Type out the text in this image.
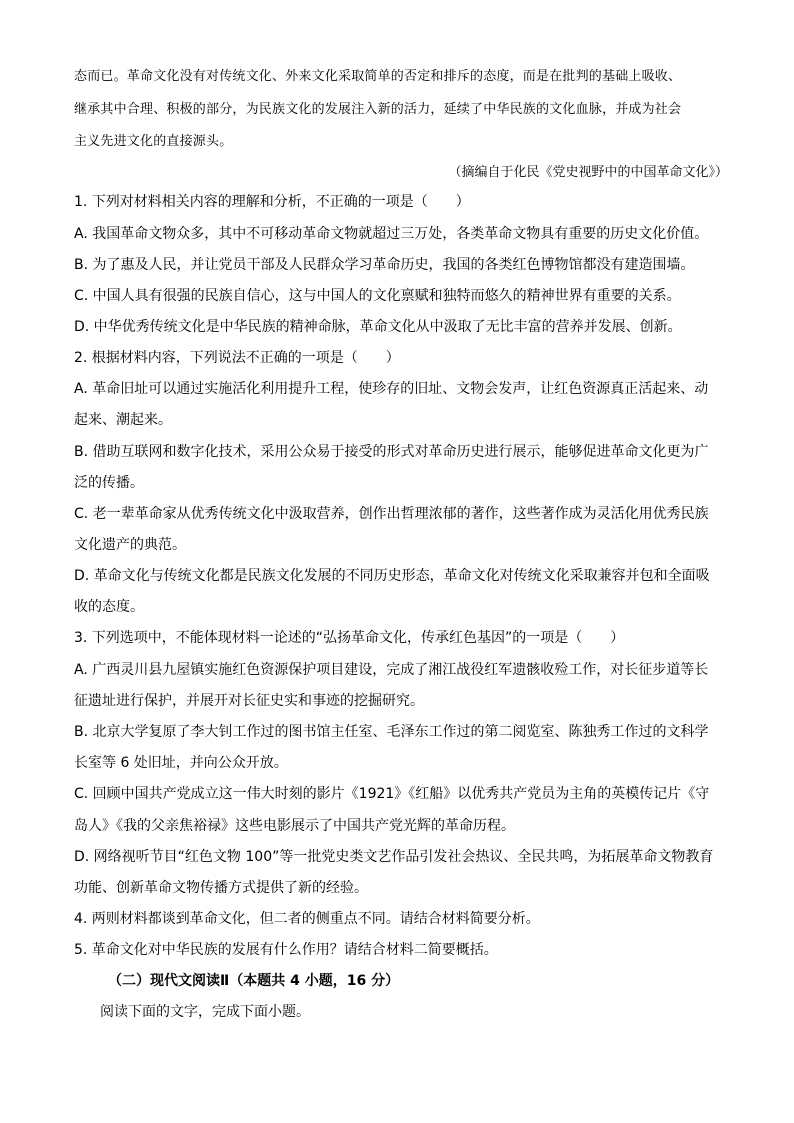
态而已。革命文化没有对传统文化、外来文化采取简单的否定和排斥的态度，而是在批判的基础上吸收、
继承其中合理、积极的部分，为民族文化的发展注入新的活力，延续了中华民族的文化血脉，并成为社会
主义先进文化的直接源头。
（摘编自于化民《党史视野中的中国革命文化》）
1. 下列对材料相关内容的理解和分析，不正确的一项是（　　）
A. 我国革命文物众多，其中不可移动革命文物就超过三万处，各类革命文物具有重要的历史文化价值。
B. 为了惠及人民，并让党员干部及人民群众学习革命历史，我国的各类红色博物馆都没有建造围墙。
C. 中国人具有很强的民族自信心，这与中国人的文化禀赋和独特而悠久的精神世界有重要的关系。
D. 中华优秀传统文化是中华民族的精神命脉，革命文化从中汲取了无比丰富的营养并发展、创新。
2. 根据材料内容，下列说法不正确的一项是（　　）
A. 革命旧址可以通过实施活化利用提升工程，使珍存的旧址、文物会发声，让红色资源真正活起来、动
起来、潮起来。
B. 借助互联网和数字化技术，采用公众易于接受的形式对革命历史进行展示，能够促进革命文化更为广
泛的传播。
C. 老一辈革命家从优秀传统文化中汲取营养，创作出哲理浓郁的著作，这些著作成为灵活化用优秀民族
文化遗产的典范。
D. 革命文化与传统文化都是民族文化发展的不同历史形态，革命文化对传统文化采取兼容并包和全面吸
收的态度。
3. 下列选项中，不能体现材料一论述的“弘扬革命文化，传承红色基因”的一项是（　　）
A. 广西灵川县九屋镇实施红色资源保护项目建设，完成了湘江战役红军遗骸收殓工作，对长征步道等长
征遗址进行保护，并展开对长征史实和事迹的挖掘研究。
B. 北京大学复原了李大钊工作过的图书馆主任室、毛泽东工作过的第二阅览室、陈独秀工作过的文科学
长室等 6 处旧址，并向公众开放。
C. 回顾中国共产党成立这一伟大时刻的影片《1921》《红船》以优秀共产党员为主角的英模传记片《守
岛人》《我的父亲焦裕禄》这些电影展示了中国共产党光辉的革命历程。
D. 网络视听节目“红色文物 100”等一批党史类文艺作品引发社会热议、全民共鸣，为拓展革命文物教育
功能、创新革命文物传播方式提供了新的经验。
4. 两则材料都谈到革命文化，但二者的侧重点不同。请结合材料简要分析。
5. 革命文化对中华民族的发展有什么作用？请结合材料二简要概括。
（二）现代文阅读Ⅱ（本题共 4 小题，16 分）
阅读下面的文字，完成下面小题。
